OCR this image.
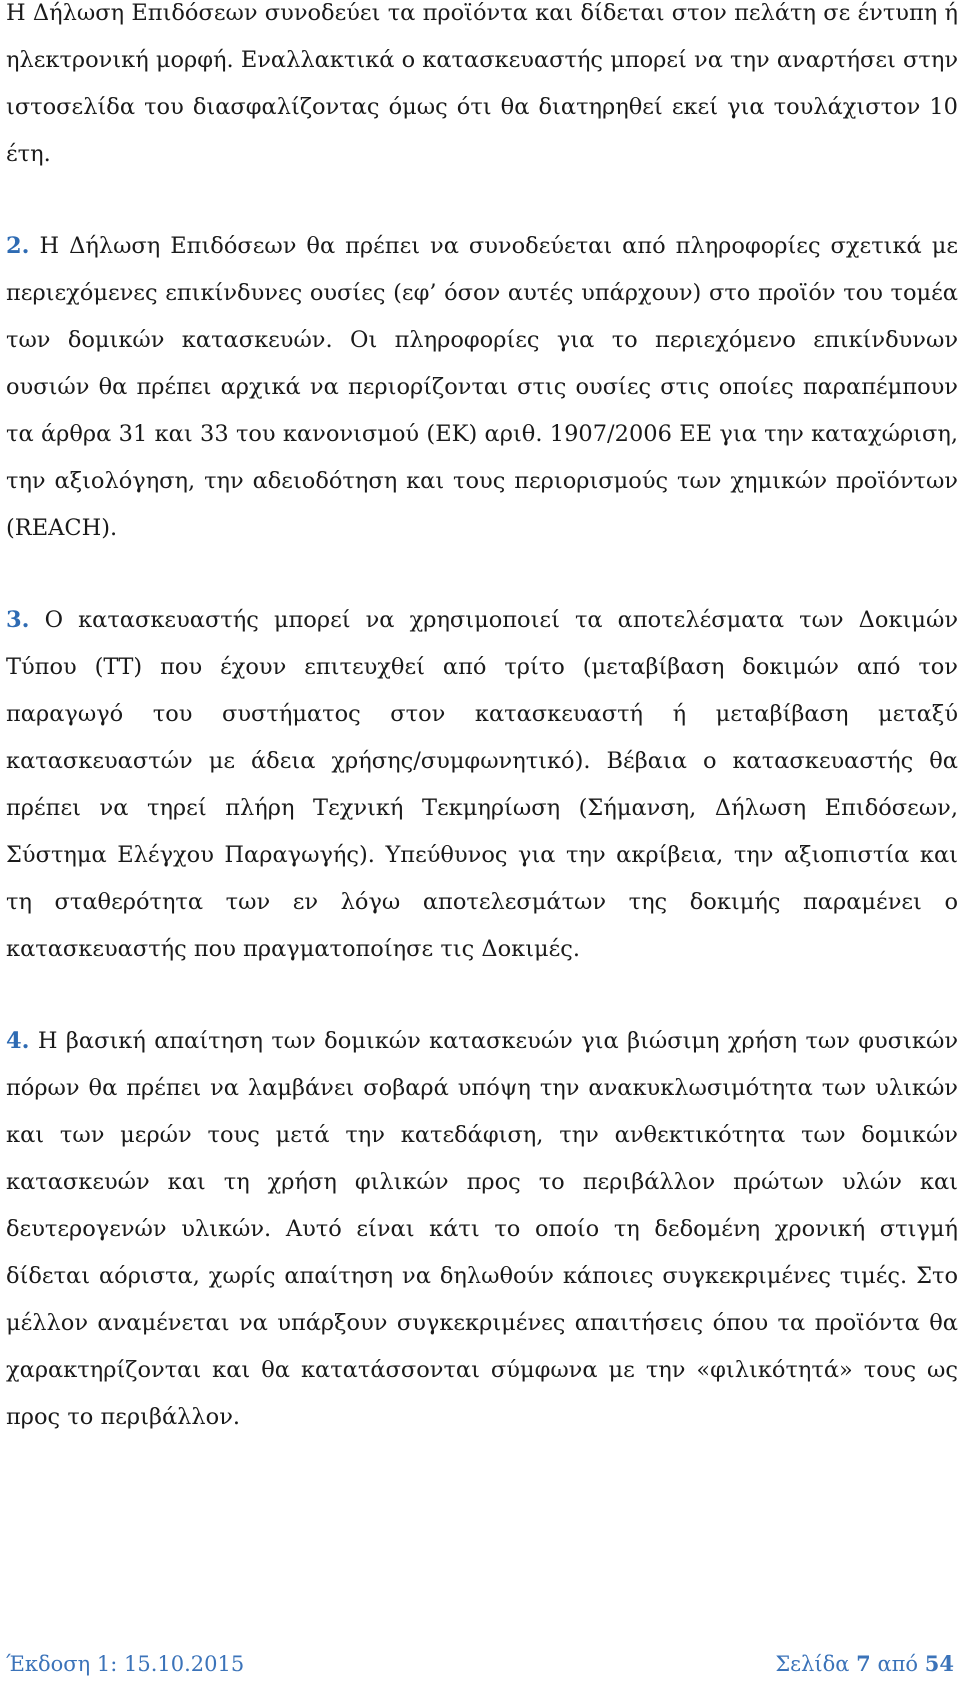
Η Δήλωση Επιδόσεων συνοδεύει τα προϊόντα και δίδεται στον πελάτη σε έντυπη ή ηλεκτρονική μορφή. Εναλλακτικά ο κατασκευαστής μπορεί να την αναρτήσει στην ιστοσελίδα του διασφαλίζοντας όμως ότι θα διατηρηθεί εκεί για τουλάχιστον 10 έτη.

2. Η Δήλωση Επιδόσεων θα πρέπει να συνοδεύεται από πληροφορίες σχετικά με περιεχόμενες επικίνδυνες ουσίες (εφ’ όσον αυτές υπάρχουν) στο προϊόν του τομέα των δομικών κατασκευών. Οι πληροφορίες για το περιεχόμενο επικίνδυνων ουσιών θα πρέπει αρχικά να περιορίζονται στις ουσίες στις οποίες παραπέμπουν τα άρθρα 31 και 33 του κανονισμού (ΕΚ) αριθ. 1907/2006 ΕΕ για την καταχώριση, την αξιολόγηση, την αδειοδότηση και τους περιορισμούς των χημικών προϊόντων (REACH).

3. Ο κατασκευαστής μπορεί να χρησιμοποιεί τα αποτελέσματα των Δοκιμών Τύπου (ΤΤ) που έχουν επιτευχθεί από τρίτο (μεταβίβαση δοκιμών από τον παραγωγό του συστήματος στον κατασκευαστή ή μεταβίβαση μεταξύ κατασκευαστών με άδεια χρήσης/συμφωνητικό). Βέβαια ο κατασκευαστής θα πρέπει να τηρεί πλήρη Τεχνική Τεκμηρίωση (Σήμανση, Δήλωση Επιδόσεων, Σύστημα Ελέγχου Παραγωγής). Υπεύθυνος για την ακρίβεια, την αξιοπιστία και τη σταθερότητα των εν λόγω αποτελεσμάτων της δοκιμής παραμένει ο κατασκευαστής που πραγματοποίησε τις Δοκιμές.

4. Η βασική απαίτηση των δομικών κατασκευών για βιώσιμη χρήση των φυσικών πόρων θα πρέπει να λαμβάνει σοβαρά υπόψη την ανακυκλωσιμότητα των υλικών και των μερών τους μετά την κατεδάφιση, την ανθεκτικότητα των δομικών κατασκευών και τη χρήση φιλικών προς το περιβάλλον πρώτων υλών και δευτερογενών υλικών. Αυτό είναι κάτι το οποίο τη δεδομένη χρονική στιγμή δίδεται αόριστα, χωρίς απαίτηση να δηλωθούν κάποιες συγκεκριμένες τιμές. Στο μέλλον αναμένεται να υπάρξουν συγκεκριμένες απαιτήσεις όπου τα προϊόντα θα χαρακτηρίζονται και θα κατατάσσονται σύμφωνα με την «φιλικότητά» τους ως προς το περιβάλλον.

Έκδοση 1: 15.10.2015	Σελίδα 7 από 54
